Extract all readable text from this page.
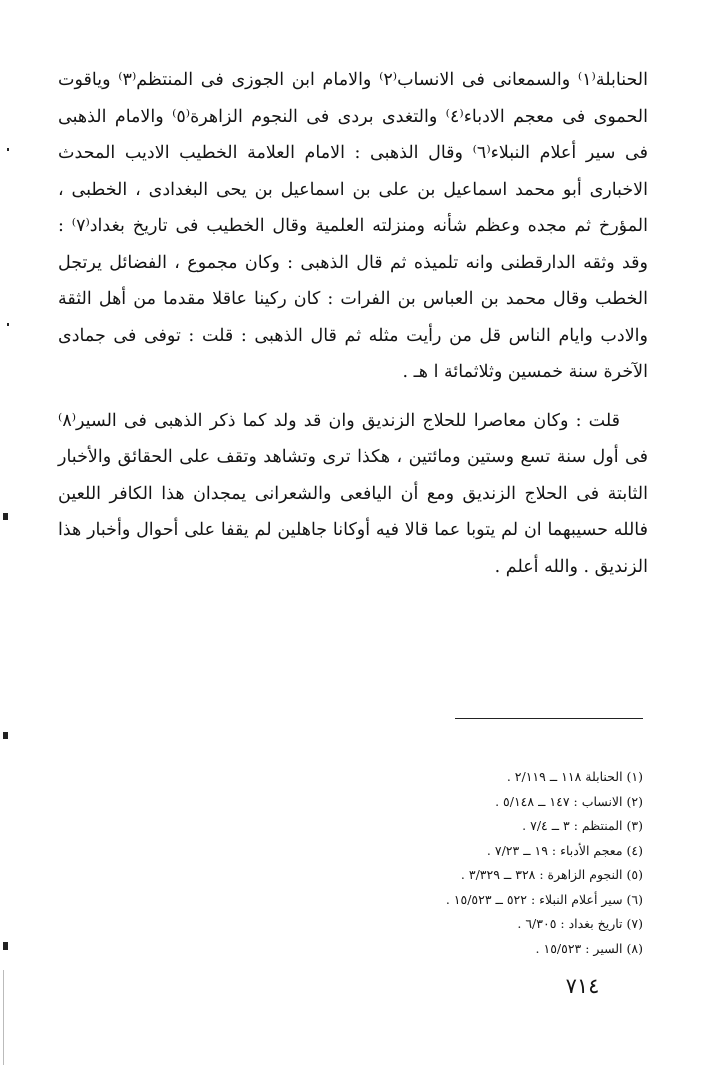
الحنابلة⁽١⁾ والسمعانى فى الانساب⁽٢⁾ والامام ابن الجوزى فى المنتظم⁽٣⁾ وياقوت الحموى فى معجم الادباء⁽٤⁾ والتغدى بردى فى النجوم الزاهرة⁽٥⁾ والامام الذهبى فى سير أعلام النبلاء⁽٦⁾ وقال الذهبى : الامام العلامة الخطيب الاديب المحدث الاخبارى أبو محمد اسماعيل بن على بن اسماعيل بن يحى البغدادى ، الخطبى ، المؤرخ ثم مجده وعظم شأنه ومنزلته العلمية وقال الخطيب فى تاريخ بغداد⁽٧⁾ : وقد وثقه الدارقطنى وانه تلميذه ثم قال الذهبى : وكان مجموع ، الفضائل يرتجل الخطب وقال محمد بن العباس بن الفرات : كان ركينا عاقلا مقدما من أهل الثقة والادب وايام الناس قل من رأيت مثله ثم قال الذهبى : قلت : توفى فى جمادى الآخرة سنة خمسين وثلاثمائة ا هـ .

قلت : وكان معاصرا للحلاج الزنديق وان قد ولد كما ذكر الذهبى فى السير⁽٨⁾ فى أول سنة تسع وستين ومائتين ، هكذا ترى وتشاهد وتقف على الحقائق والأخبار الثابتة فى الحلاج الزنديق ومع أن اليافعى والشعرانى يمجدان هذا الكافر اللعين فالله حسيبهما ان لم يتوبا عما قالا فيه أوكانا جاهلين لم يقفا على أحوال وأخبار هذا الزنديق . والله أعلم .

(١) الحنابلة ١١٨ ــ ٢/١١٩ .
(٢) الانساب : ١٤٧ ــ ٥/١٤٨ .
(٣) المنتظم : ٣ ــ ٧/٤ .
(٤) معجم الأدباء : ١٩ ــ ٧/٢٣ .
(٥) النجوم الزاهرة : ٣٢٨ ــ ٣/٣٢٩ .
(٦) سير أعلام النبلاء : ٥٢٢ ــ ١٥/٥٢٣ .
(٧) تاريخ بغداد : ٦/٣٠٥ .
(٨) السير : ١٥/٥٢٣ .
٧١٤
